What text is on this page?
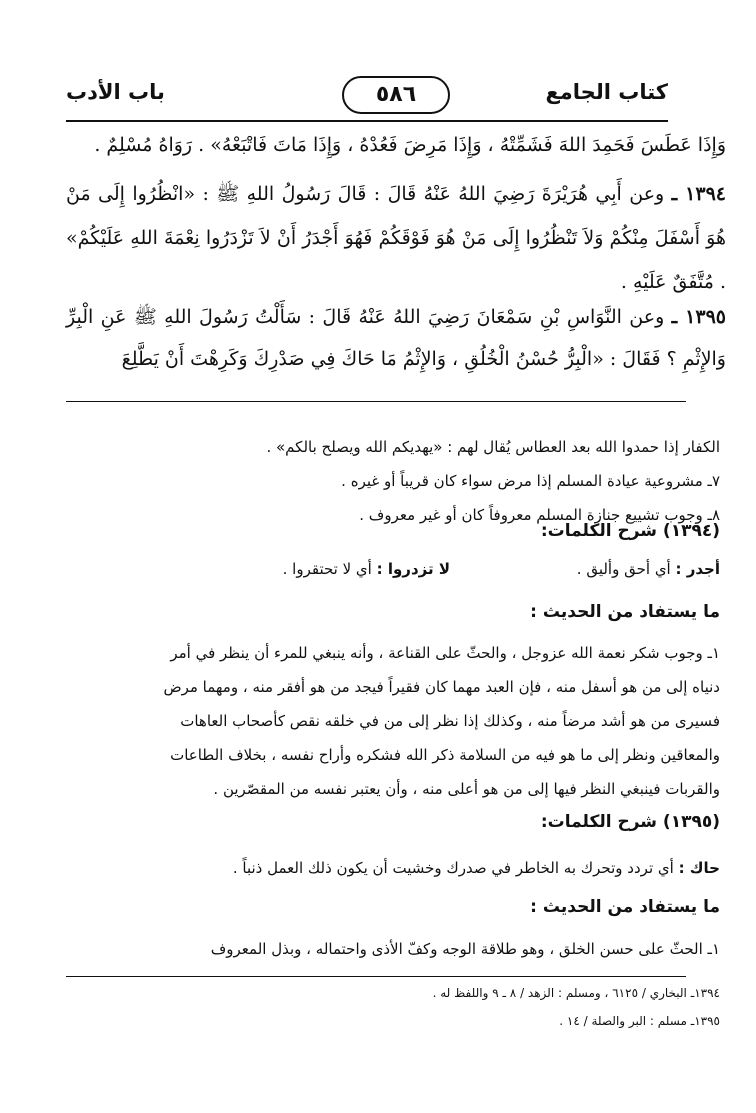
كتاب الجامع
٥٨٦
باب الأدب
وَإِذَا عَطَسَ فَحَمِدَ اللهَ فَشَمِّتْهُ ، وَإِذَا مَرِضَ فَعُدْهُ ، وَإِذَا مَاتَ فَاتْبَعْهُ» . رَوَاهُ مُسْلِمٌ .
١٣٩٤ ـ وعن أَبِي هُرَيْرَةَ رَضِيَ اللهُ عَنْهُ قَالَ : قَالَ رَسُولُ اللهِ ﷺ : «انْظُرُوا إِلَى مَنْ هُوَ أَسْفَلَ مِنْكُمْ وَلاَ تَنْظُرُوا إِلَى مَنْ هُوَ فَوْقَكُمْ فَهُوَ أَجْدَرُ أَنْ لاَ تَزْدَرُوا نِعْمَةَ اللهِ عَلَيْكُمْ» . مُتَّفَقٌ عَلَيْهِ .
١٣٩٥ ـ وعن النَّوَاسِ بْنِ سَمْعَانَ رَضِيَ اللهُ عَنْهُ قَالَ : سَأَلْتُ رَسُولَ اللهِ ﷺ عَنِ الْبِرِّ وَالإِثْمِ ؟ فَقَالَ : «الْبِرُّ حُسْنُ الْخُلُقِ ، وَالإِثْمُ مَا حَاكَ فِي صَدْرِكَ وَكَرِهْتَ أَنْ يَطَّلِعَ
الكفار إذا حمدوا الله بعد العطاس يُقال لهم : «يهديكم الله ويصلح بالكم» .
٧ـ مشروعية عيادة المسلم إذا مرض سواء كان قريباً أو غيره .
٨ـ وجوب تشييع جنازة المسلم معروفاً كان أو غير معروف .
(١٣٩٤) شرح الكلمات:
أجدر : أي أحق وأليق .
لا تزدروا : أي لا تحتقروا .
ما يستفاد من الحديث :
١ـ وجوب شكر نعمة الله عزوجل ، والحثّ على القناعة ، وأنه ينبغي للمرء أن ينظر في أمر
دنياه إلى من هو أسفل منه ، فإن العبد مهما كان فقيراً فيجد من هو أفقر منه ، ومهما مرض
فسيرى من هو أشد مرضاً منه ، وكذلك إذا نظر إلى من في خلقه نقص كأصحاب العاهات
والمعاقين ونظر إلى ما هو فيه من السلامة ذكر الله فشكره وأراح نفسه ، بخلاف الطاعات
والقربات فينبغي النظر فيها إلى من هو أعلى منه ، وأن يعتبر نفسه من المقصّرين .
(١٣٩٥) شرح الكلمات:
حاك : أي تردد وتحرك به الخاطر في صدرك وخشيت أن يكون ذلك العمل ذنباً .
ما يستفاد من الحديث :
١ـ الحثّ على حسن الخلق ، وهو طلاقة الوجه وكفّ الأذى واحتماله ، وبذل المعروف
١٣٩٤ـ البخاري / ٦١٢٥ ، ومسلم : الزهد / ٨ ـ ٩ واللفظ له .
١٣٩٥ـ مسلم : البر والصلة / ١٤ .
